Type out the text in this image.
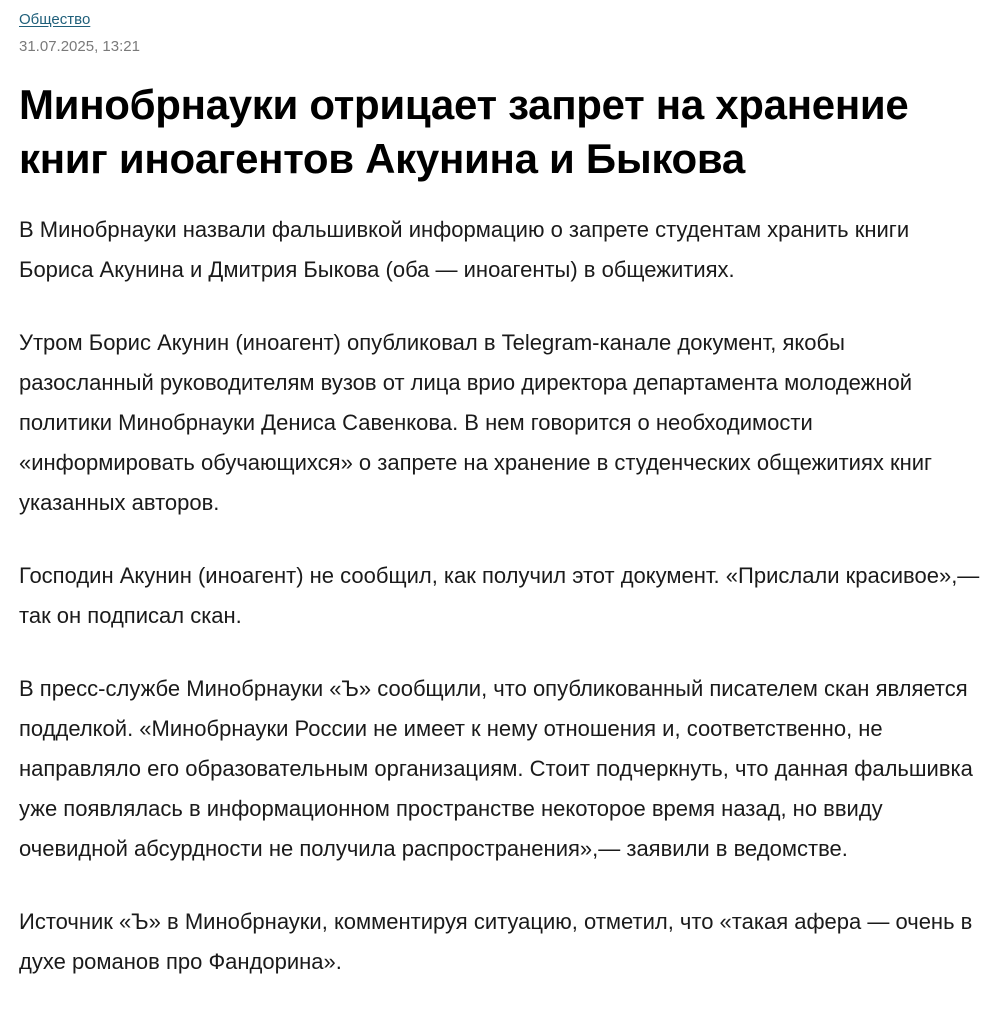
Общество
31.07.2025, 13:21
Минобрнауки отрицает запрет на хранение книг иноагентов Акунина и Быкова

В Минобрнауки назвали фальшивкой информацию о запрете студентам хранить книги Бориса Акунина и Дмитрия Быкова (оба — иноагенты) в общежитиях.

Утром Борис Акунин (иноагент) опубликовал в Telegram-канале документ, якобы разосланный руководителям вузов от лица врио директора департамента молодежной политики Минобрнауки Дениса Савенкова. В нем говорится о необходимости «информировать обучающихся» о запрете на хранение в студенческих общежитиях книг указанных авторов.

Господин Акунин (иноагент) не сообщил, как получил этот документ. «Прислали красивое»,— так он подписал скан.

В пресс-службе Минобрнауки «Ъ» сообщили, что опубликованный писателем скан является подделкой. «Минобрнауки России не имеет к нему отношения и, соответственно, не направляло его образовательным организациям. Стоит подчеркнуть, что данная фальшивка уже появлялась в информационном пространстве некоторое время назад, но ввиду очевидной абсурдности не получила распространения»,— заявили в ведомстве.

Источник «Ъ» в Минобрнауки, комментируя ситуацию, отметил, что «такая афера — очень в духе романов про Фандорина».
